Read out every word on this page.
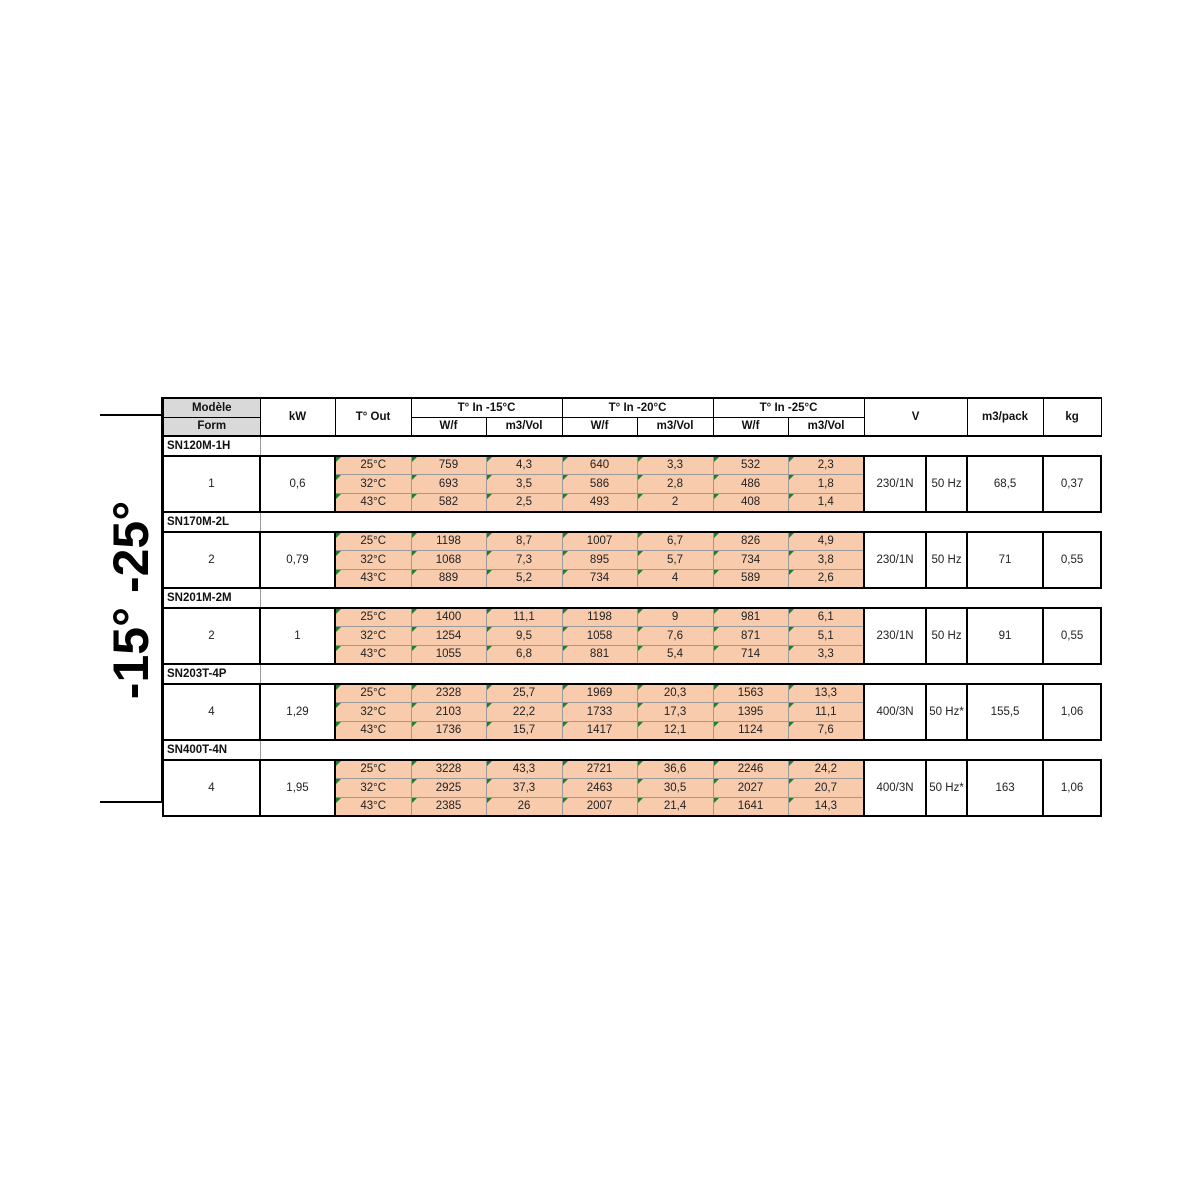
-15° -25°
Modèle	kW	T° Out	T° In -15°C		T° In -20°C		T° In -25°C		V		m3/pack	kg
Form			W/f	m3/Vol	W/f	m3/Vol	W/f	m3/Vol				
SN120M-1H												
1	0,6	25°C	759	4,3	640	3,3	532	2,3	230/1N	50 Hz	68,5	0,37
		32°C	693	3,5	586	2,8	486	1,8				
		43°C	582	2,5	493	2	408	1,4				
SN170M-2L												
2	0,79	25°C	1198	8,7	1007	6,7	826	4,9	230/1N	50 Hz	71	0,55
		32°C	1068	7,3	895	5,7	734	3,8				
		43°C	889	5,2	734	4	589	2,6				
SN201M-2M												
2	1	25°C	1400	11,1	1198	9	981	6,1	230/1N	50 Hz	91	0,55
		32°C	1254	9,5	1058	7,6	871	5,1				
		43°C	1055	6,8	881	5,4	714	3,3				
SN203T-4P												
4	1,29	25°C	2328	25,7	1969	20,3	1563	13,3	400/3N	50 Hz*	155,5	1,06
		32°C	2103	22,2	1733	17,3	1395	11,1				
		43°C	1736	15,7	1417	12,1	1124	7,6				
SN400T-4N												
4	1,95	25°C	3228	43,3	2721	36,6	2246	24,2	400/3N	50 Hz*	163	1,06
		32°C	2925	37,3	2463	30,5	2027	20,7				
		43°C	2385	26	2007	21,4	1641	14,3				
